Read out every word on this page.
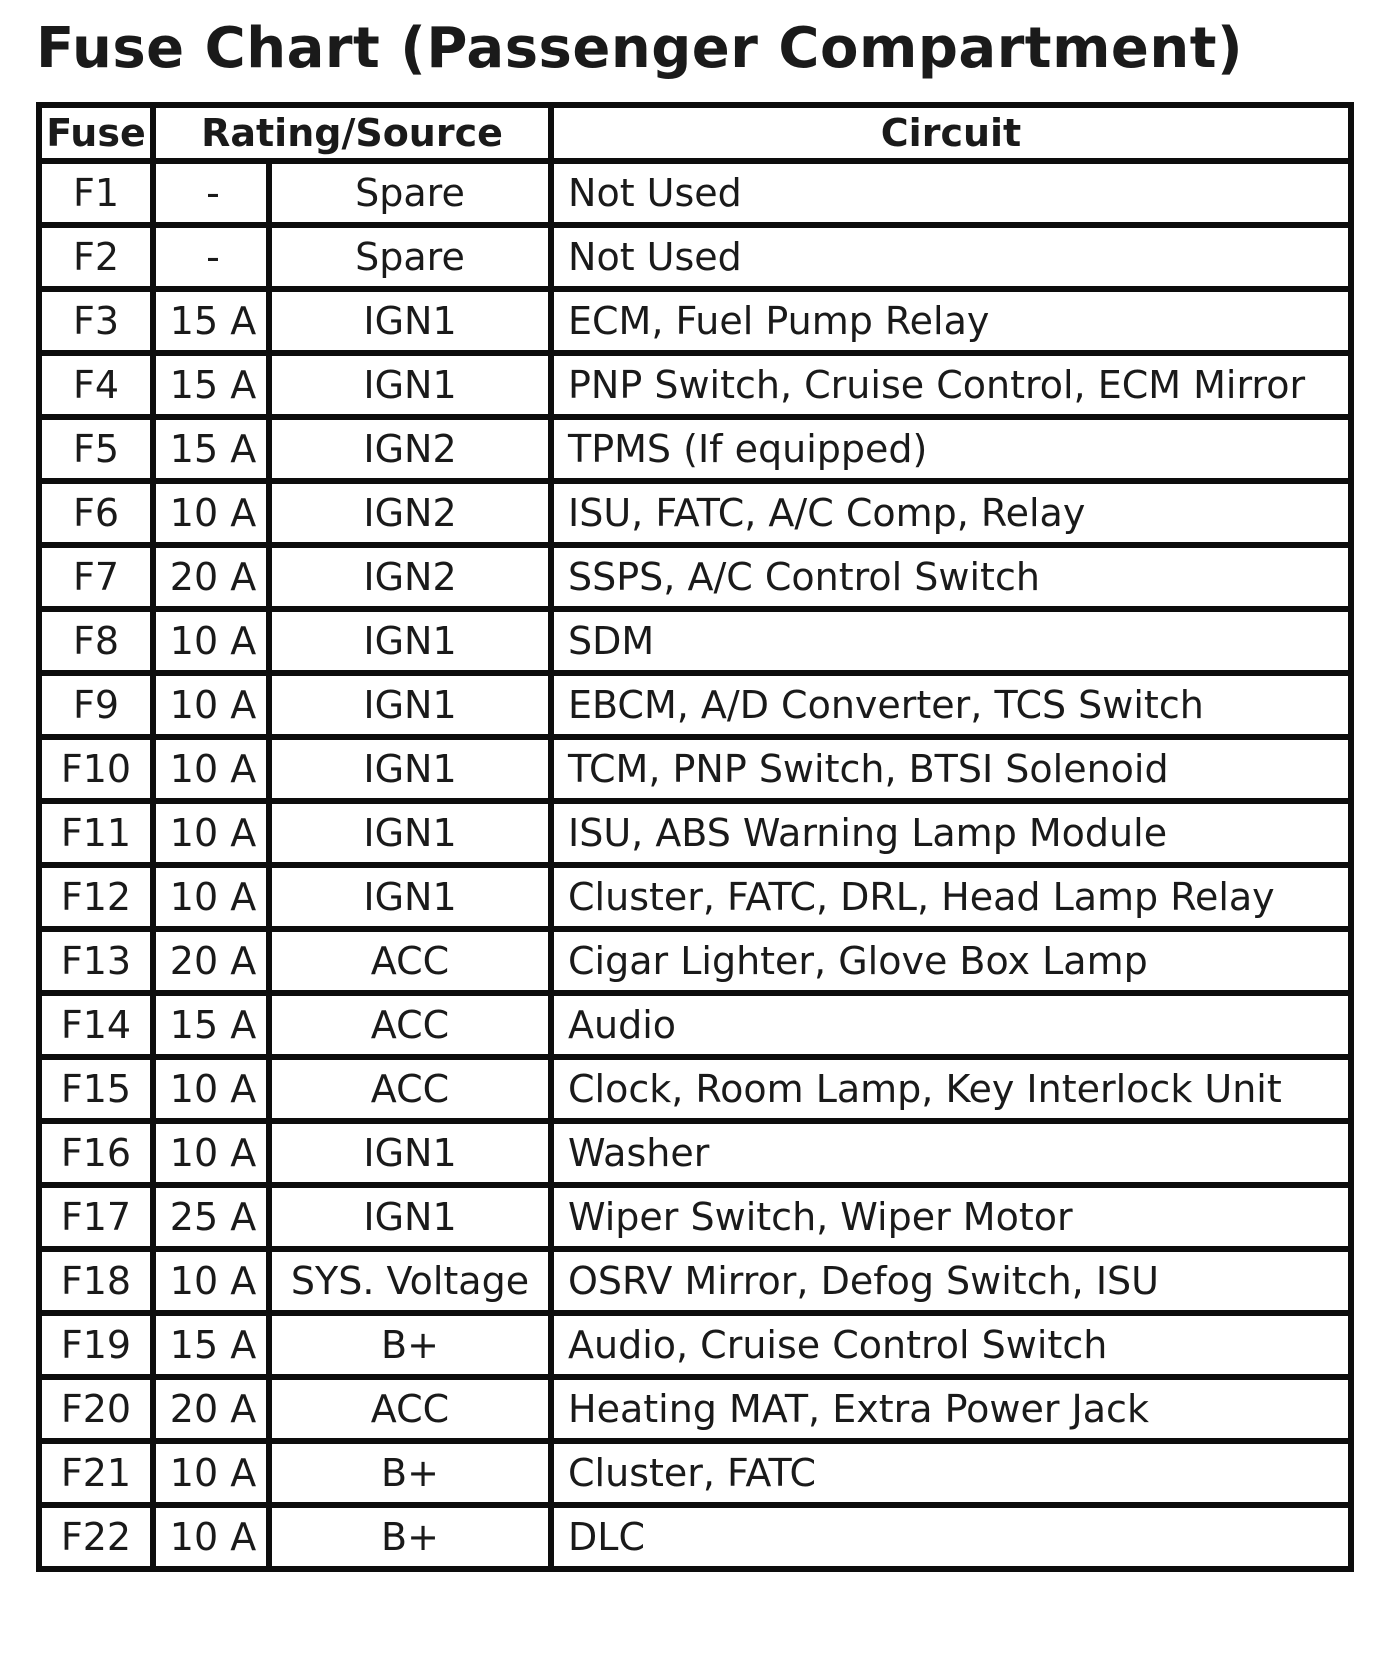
Fuse Chart (Passenger Compartment)
Fuse	Rating/Source		Circuit
F1	-	Spare	Not Used
F2	-	Spare	Not Used
F3	15 A	IGN1	ECM, Fuel Pump Relay
F4	15 A	IGN1	PNP Switch, Cruise Control, ECM Mirror
F5	15 A	IGN2	TPMS (If equipped)
F6	10 A	IGN2	ISU, FATC, A/C Comp, Relay
F7	20 A	IGN2	SSPS, A/C Control Switch
F8	10 A	IGN1	SDM
F9	10 A	IGN1	EBCM, A/D Converter, TCS Switch
F10	10 A	IGN1	TCM, PNP Switch, BTSI Solenoid
F11	10 A	IGN1	ISU, ABS Warning Lamp Module
F12	10 A	IGN1	Cluster, FATC, DRL, Head Lamp Relay
F13	20 A	ACC	Cigar Lighter, Glove Box Lamp
F14	15 A	ACC	Audio
F15	10 A	ACC	Clock, Room Lamp, Key Interlock Unit
F16	10 A	IGN1	Washer
F17	25 A	IGN1	Wiper Switch, Wiper Motor
F18	10 A	SYS. Voltage	OSRV Mirror, Defog Switch, ISU
F19	15 A	B+	Audio, Cruise Control Switch
F20	20 A	ACC	Heating MAT, Extra Power Jack
F21	10 A	B+	Cluster, FATC
F22	10 A	B+	DLC
